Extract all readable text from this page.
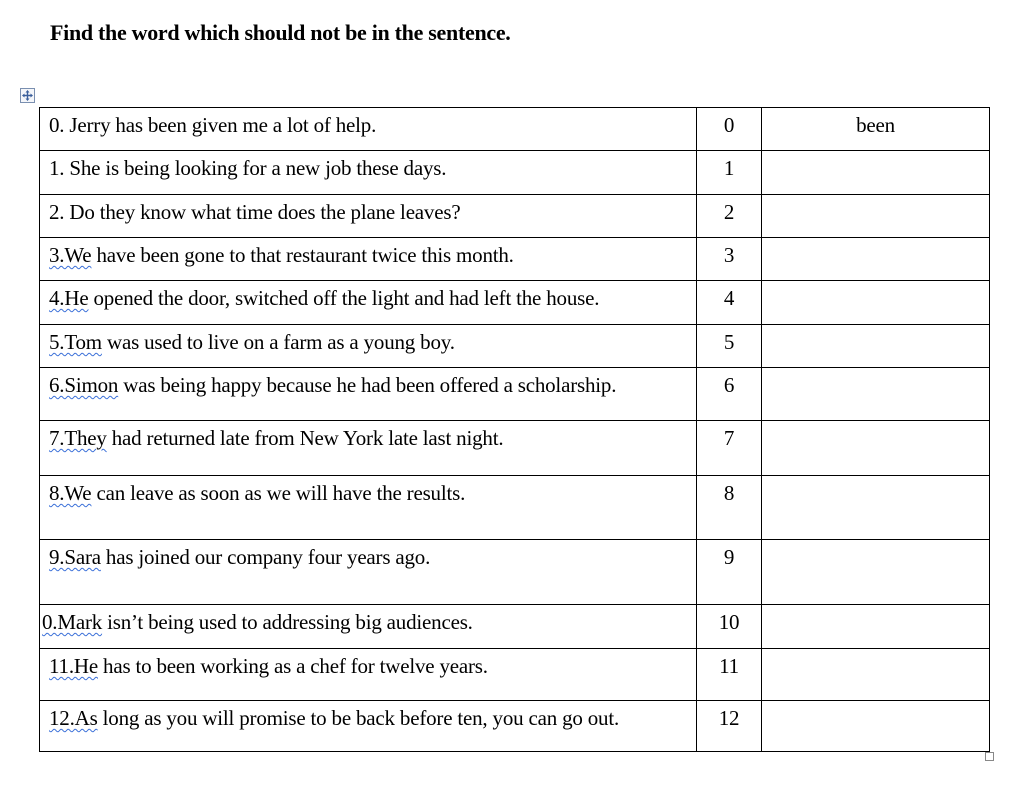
Find the word which should not be in the sentence.
0. Jerry has been given me a lot of help.	0	been
1. She is being looking for a new job these days.	1	
2. Do they know what time does the plane leaves?	2	
3.We have been gone to that restaurant twice this month.	3	
4.He opened the door, switched off the light and had left the house.	4	
5.Tom was used to live on a farm as a young boy.	5	
6.Simon was being happy because he had been offered a scholarship.	6	
7.They had returned late from New York late last night.	7	
8.We can leave as soon as we will have the results.	8	
9.Sara has joined our company four years ago.	9	
0.Mark isn’t being used to addressing big audiences.	10	
11.He has to been working as a chef for twelve years.	11	
12.As long as you will promise to be back before ten, you can go out.	12	
